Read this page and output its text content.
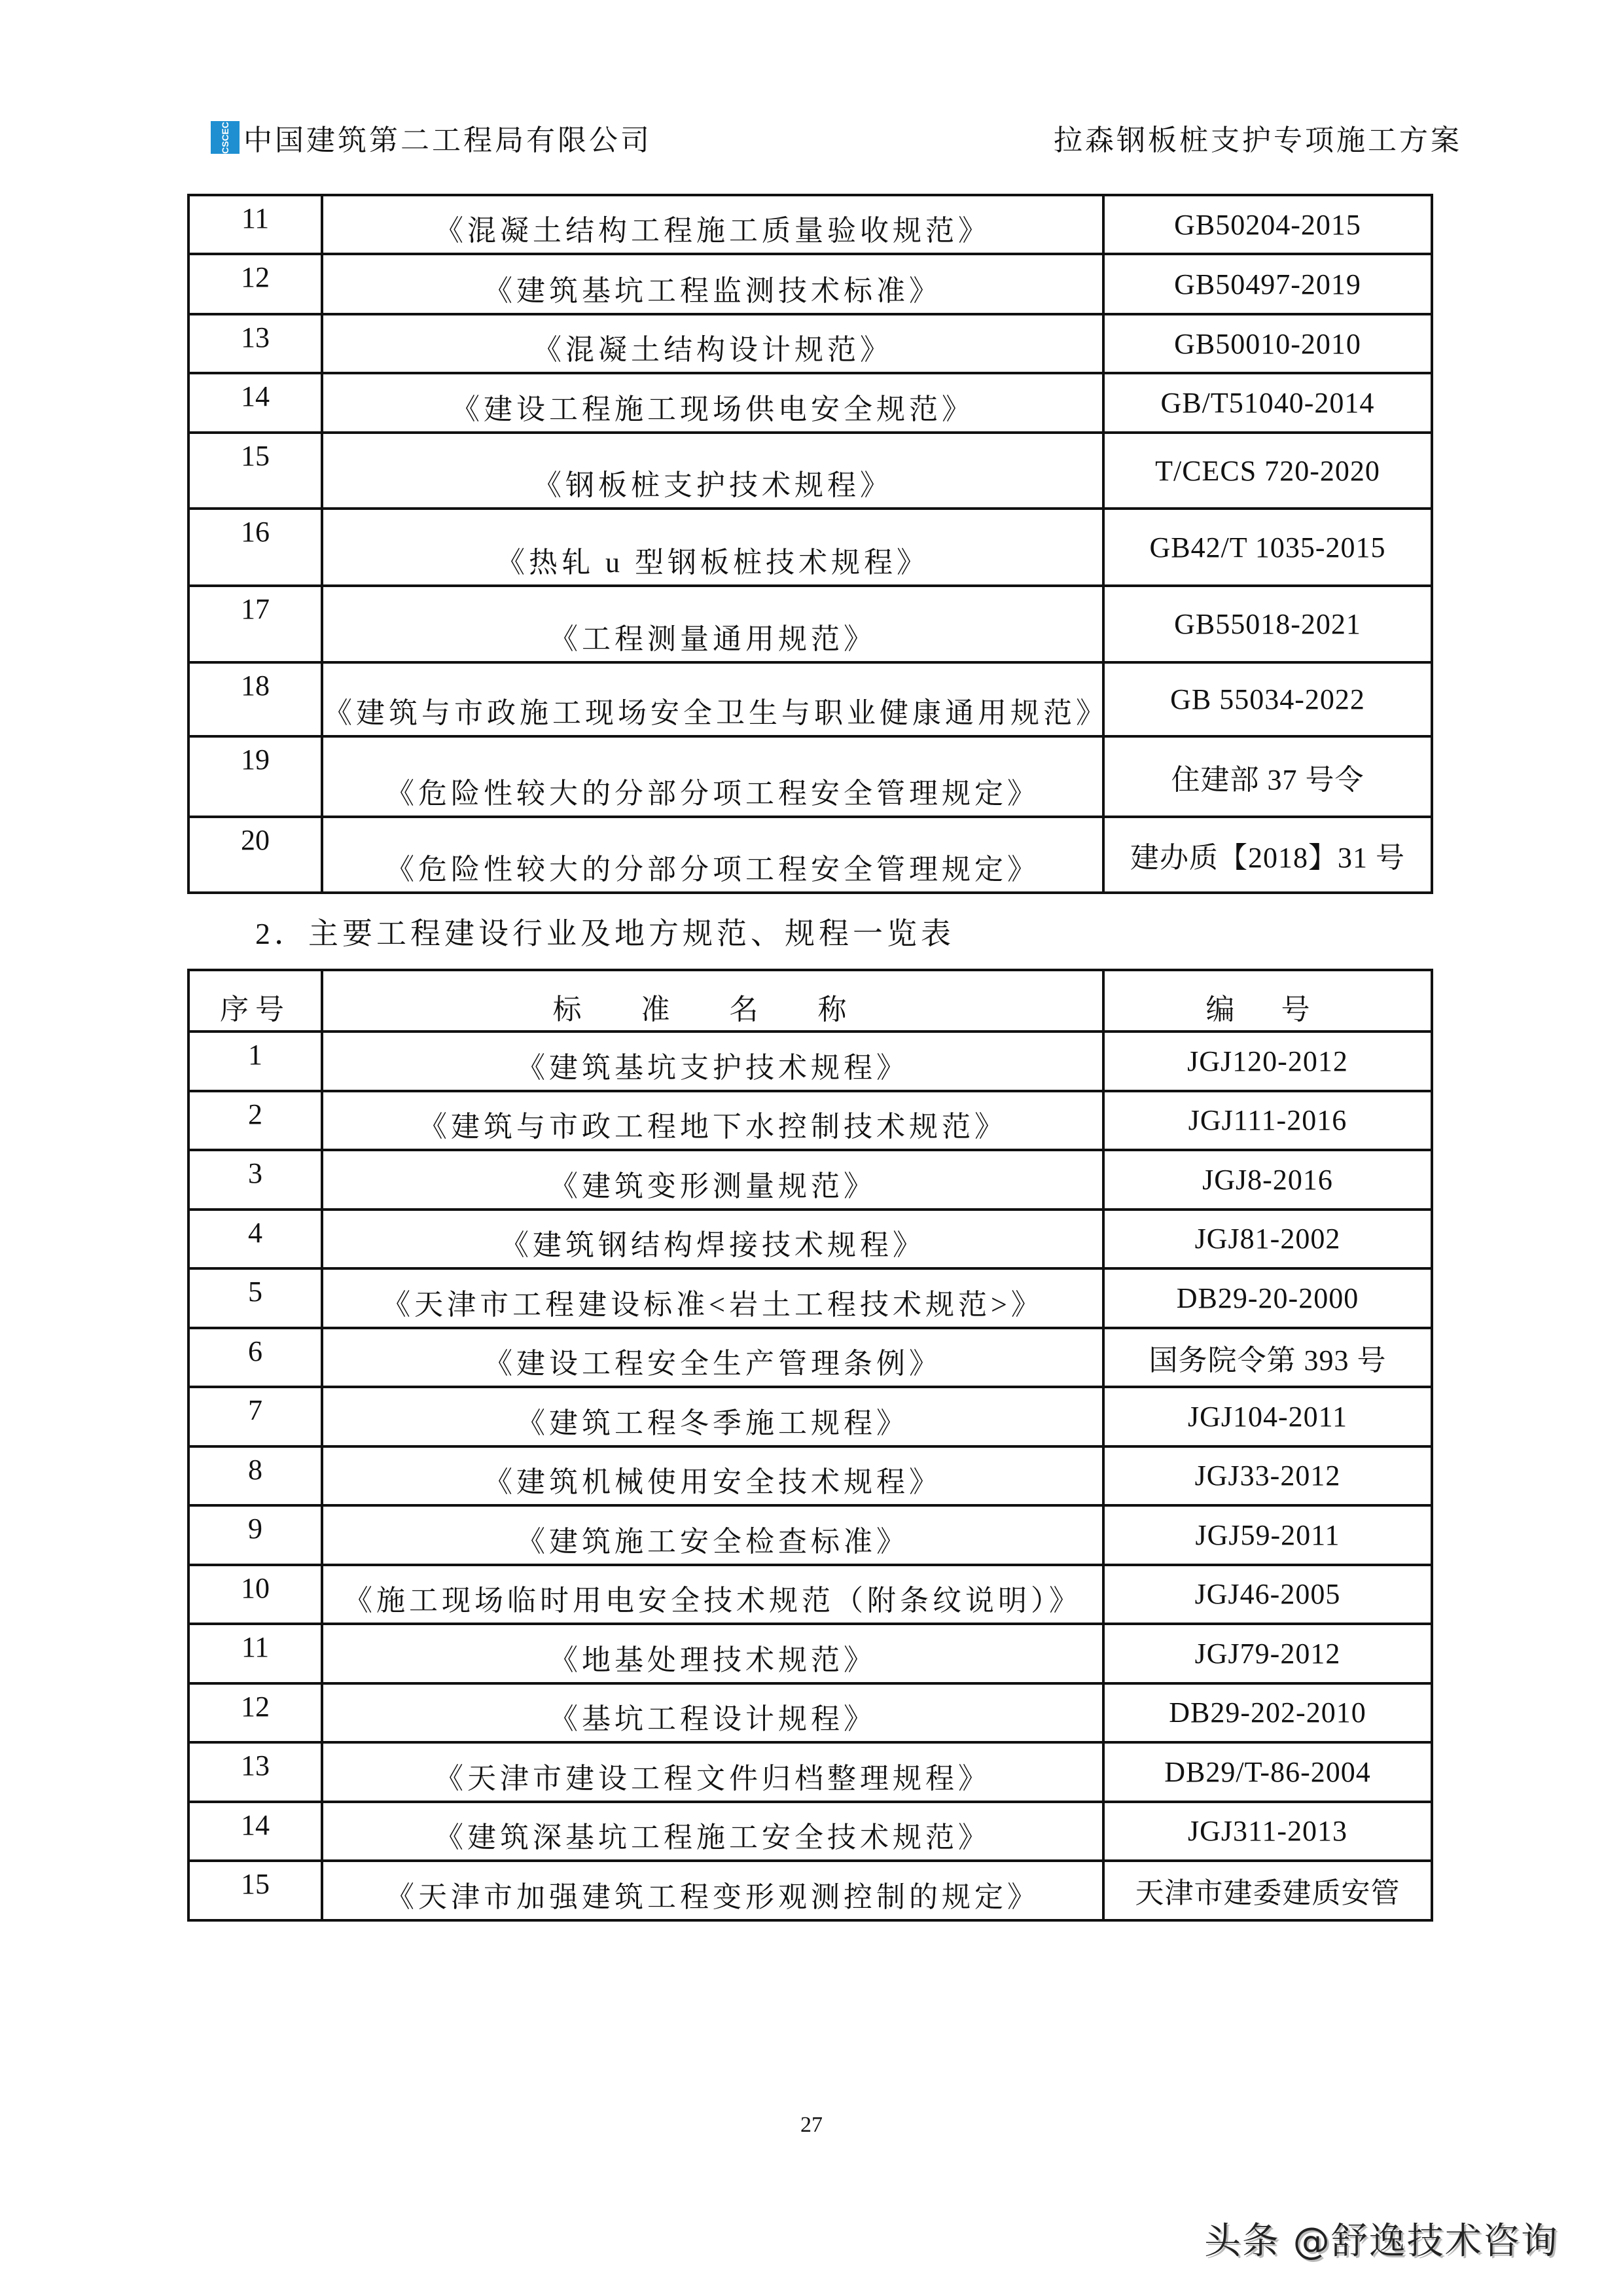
CSCEC 中国建筑第二工程局有限公司	拉森钢板桩支护专项施工方案
11	《混凝土结构工程施工质量验收规范》	GB50204-2015
12	《建筑基坑工程监测技术标准》	GB50497-2019
13	《混凝土结构设计规范》	GB50010-2010
14	《建设工程施工现场供电安全规范》	GB/T51040-2014
15	《钢板桩支护技术规程》	T/CECS 720-2020
16	《热轧 u 型钢板桩技术规程》	GB42/T 1035-2015
17	《工程测量通用规范》	GB55018-2021
18	《建筑与市政施工现场安全卫生与职业健康通用规范》	GB 55034-2022
19	《危险性较大的分部分项工程安全管理规定》	住建部 37 号令
20	《危险性较大的分部分项工程安全管理规定》	建办质【2018】31 号
2．主要工程建设行业及地方规范、规程一览表
序号	标 准 名 称	编 号
1	《建筑基坑支护技术规程》	JGJ120-2012
2	《建筑与市政工程地下水控制技术规范》	JGJ111-2016
3	《建筑变形测量规范》	JGJ8-2016
4	《建筑钢结构焊接技术规程》	JGJ81-2002
5	《天津市工程建设标准<岩土工程技术规范>》	DB29-20-2000
6	《建设工程安全生产管理条例》	国务院令第 393 号
7	《建筑工程冬季施工规程》	JGJ104-2011
8	《建筑机械使用安全技术规程》	JGJ33-2012
9	《建筑施工安全检查标准》	JGJ59-2011
10	《施工现场临时用电安全技术规范（附条纹说明）》	JGJ46-2005
11	《地基处理技术规范》	JGJ79-2012
12	《基坑工程设计规程》	DB29-202-2010
13	《天津市建设工程文件归档整理规程》	DB29/T-86-2004
14	《建筑深基坑工程施工安全技术规范》	JGJ311-2013
15	《天津市加强建筑工程变形观测控制的规定》	天津市建委建质安管
27
头条 @舒逸技术咨询
